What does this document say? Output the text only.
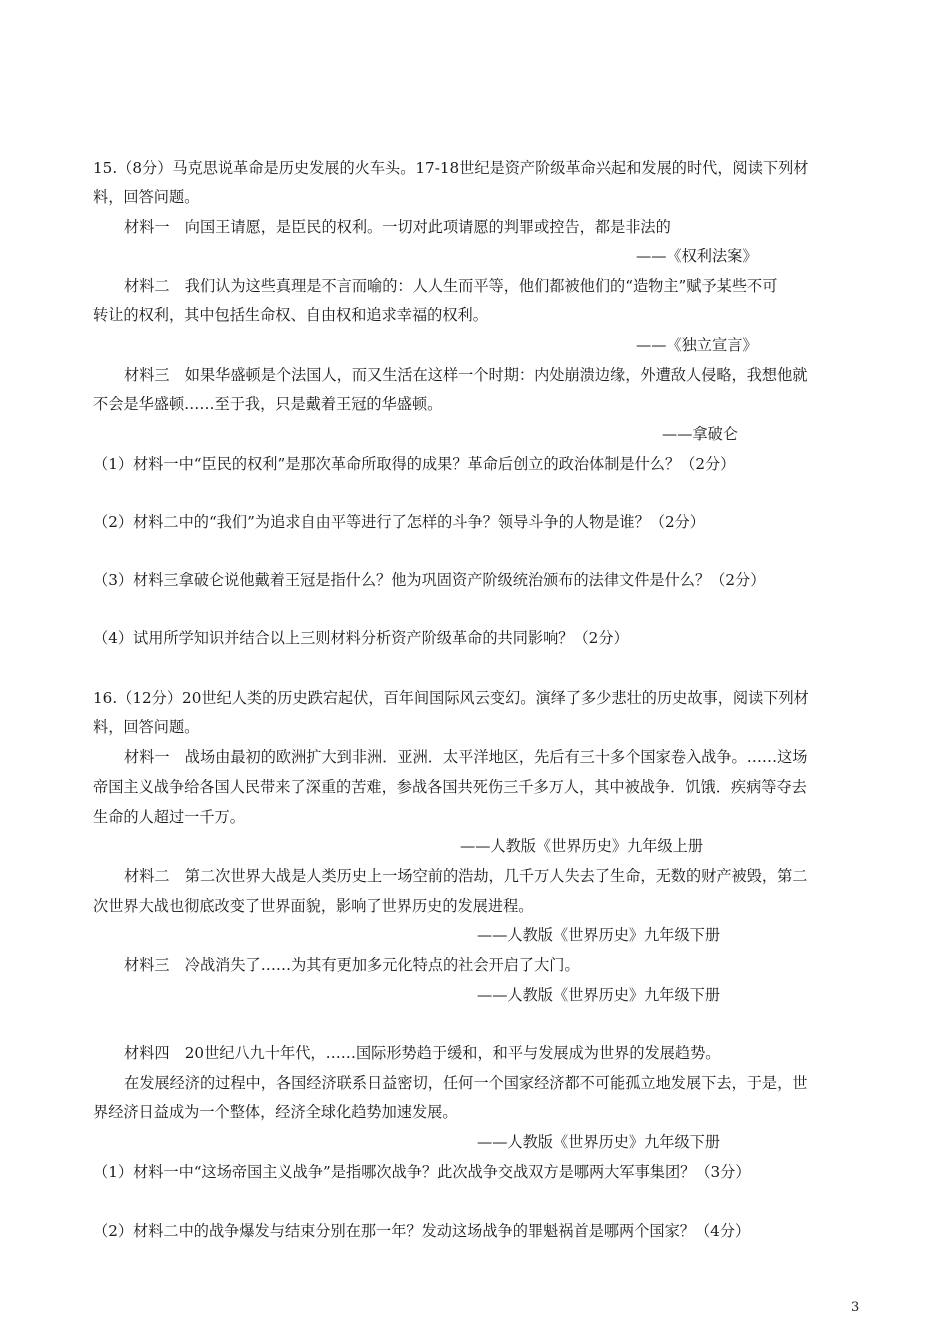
15.（8分）马克思说革命是历史发展的火车头。17-18世纪是资产阶级革命兴起和发展的时代，阅读下列材
料，回答问题。
材料一　向国王请愿，是臣民的权利。一切对此项请愿的判罪或控告，都是非法的
——《权利法案》
材料二　我们认为这些真理是不言而喻的：人人生而平等，他们都被他们的“造物主”赋予某些不可
转让的权利，其中包括生命权、自由权和追求幸福的权利。
——《独立宣言》
材料三　如果华盛顿是个法国人，而又生活在这样一个时期：内处崩溃边缘，外遭敌人侵略，我想他就
不会是华盛顿……至于我，只是戴着王冠的华盛顿。
——拿破仑
（1）材料一中“臣民的权利”是那次革命所取得的成果？革命后创立的政治体制是什么？（2分）
（2）材料二中的“我们”为追求自由平等进行了怎样的斗争？领导斗争的人物是谁？（2分）
（3）材料三拿破仑说他戴着王冠是指什么？他为巩固资产阶级统治颁布的法律文件是什么？（2分）
（4）试用所学知识并结合以上三则材料分析资产阶级革命的共同影响？（2分）
16.（12分）20世纪人类的历史跌宕起伏，百年间国际风云变幻。演绎了多少悲壮的历史故事，阅读下列材
料，回答问题。
材料一　战场由最初的欧洲扩大到非洲．亚洲．太平洋地区，先后有三十多个国家卷入战争。……这场
帝国主义战争给各国人民带来了深重的苦难，参战各国共死伤三千多万人，其中被战争．饥饿．疾病等夺去
生命的人超过一千万。
——人教版《世界历史》九年级上册
材料二　第二次世界大战是人类历史上一场空前的浩劫，几千万人失去了生命，无数的财产被毁，第二
次世界大战也彻底改变了世界面貌，影响了世界历史的发展进程。
——人教版《世界历史》九年级下册
材料三　冷战消失了……为其有更加多元化特点的社会开启了大门。
——人教版《世界历史》九年级下册
材料四　20世纪八九十年代，……国际形势趋于缓和，和平与发展成为世界的发展趋势。
在发展经济的过程中，各国经济联系日益密切，任何一个国家经济都不可能孤立地发展下去，于是，世
界经济日益成为一个整体，经济全球化趋势加速发展。
——人教版《世界历史》九年级下册
（1）材料一中“这场帝国主义战争”是指哪次战争？此次战争交战双方是哪两大军事集团？（3分）
（2）材料二中的战争爆发与结束分别在那一年？发动这场战争的罪魁祸首是哪两个国家？（4分）
3
